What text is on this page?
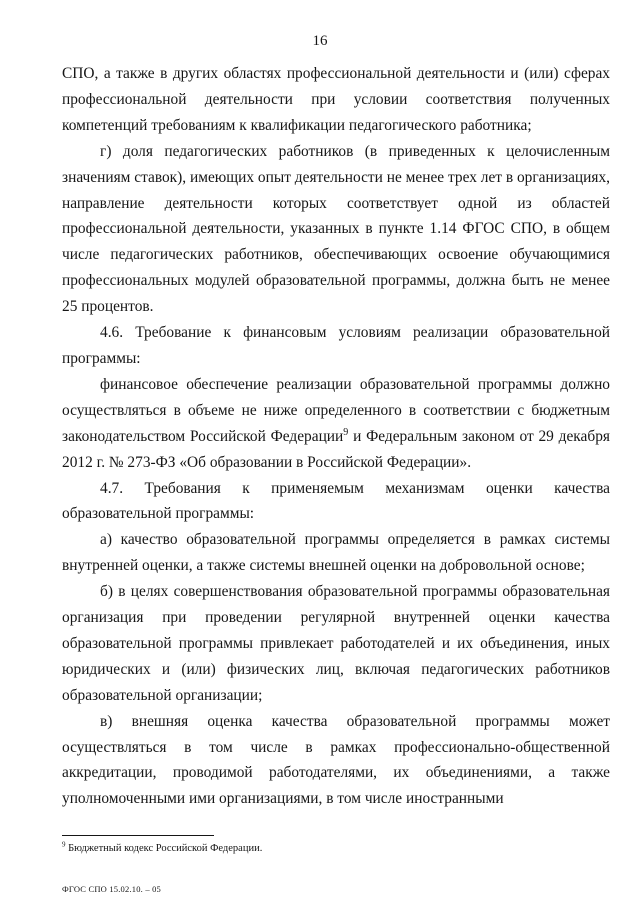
16

СПО, а также в других областях профессиональной деятельности и (или) сферах профессиональной деятельности при условии соответствия полученных компетенций требованиям к квалификации педагогического работника;

г) доля педагогических работников (в приведенных к целочисленным значениям ставок), имеющих опыт деятельности не менее трех лет в организациях, направление деятельности которых соответствует одной из областей профессиональной деятельности, указанных в пункте 1.14 ФГОС СПО, в общем числе педагогических работников, обеспечивающих освоение обучающимися профессиональных модулей образовательной программы, должна быть не менее 25 процентов.

4.6. Требование к финансовым условиям реализации образовательной программы:

финансовое обеспечение реализации образовательной программы должно осуществляться в объеме не ниже определенного в соответствии с бюджетным законодательством Российской Федерации$^9$ и Федеральным законом от 29 декабря 2012 г. № 273-ФЗ «Об образовании в Российской Федерации».

4.7. Требования к применяемым механизмам оценки качества образовательной программы:

а) качество образовательной программы определяется в рамках системы внутренней оценки, а также системы внешней оценки на добровольной основе;

б) в целях совершенствования образовательной программы образовательная организация при проведении регулярной внутренней оценки качества образовательной программы привлекает работодателей и их объединения, иных юридических и (или) физических лиц, включая педагогических работников образовательной организации;

в) внешняя оценка качества образовательной программы может осуществляться в том числе в рамках профессионально-общественной аккредитации, проводимой работодателями, их объединениями, а также уполномоченными ими организациями, в том числе иностранными

$^9$ Бюджетный кодекс Российской Федерации.
ФГОС СПО 15.02.10. – 05
